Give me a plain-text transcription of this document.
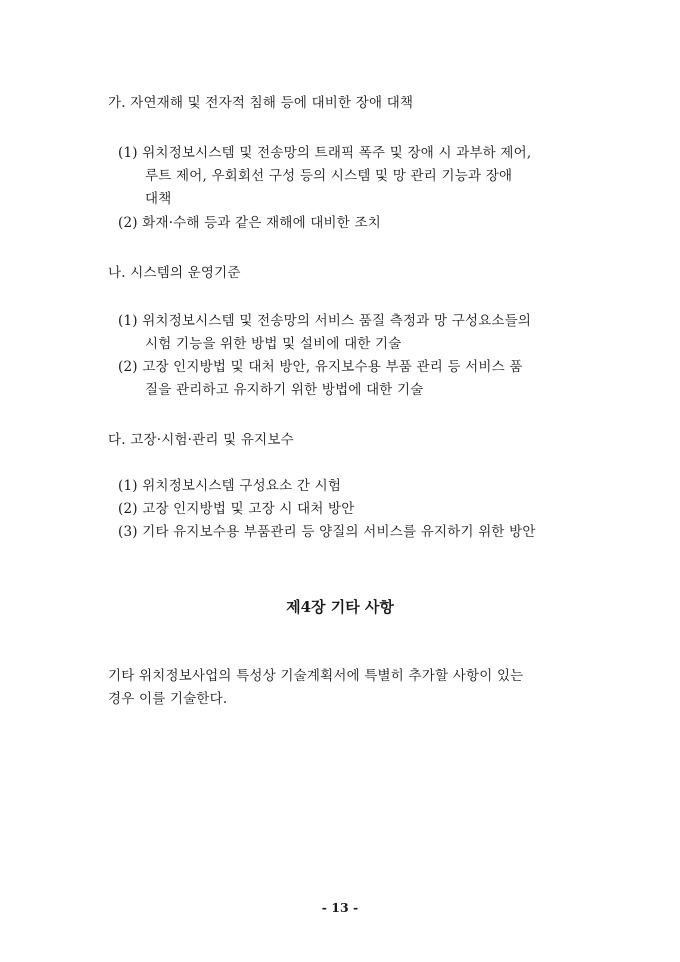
가. 자연재해 및 전자적 침해 등에 대비한 장애 대책
(1) 위치정보시스템 및 전송망의 트래픽 폭주 및 장애 시 과부하 제어,
루트 제어, 우회회선 구성 등의 시스템 및 망 관리 기능과 장애
대책
(2) 화재·수해 등과 같은 재해에 대비한 조치
나. 시스템의 운영기준
(1) 위치정보시스템 및 전송망의 서비스 품질 측정과 망 구성요소들의
시험 기능을 위한 방법 및 설비에 대한 기술
(2) 고장 인지방법 및 대처 방안, 유지보수용 부품 관리 등 서비스 품
질을 관리하고 유지하기 위한 방법에 대한 기술
다. 고장·시험·관리 및 유지보수
(1) 위치정보시스템 구성요소 간 시험
(2) 고장 인지방법 및 고장 시 대처 방안
(3) 기타 유지보수용 부품관리 등 양질의 서비스를 유지하기 위한 방안
제4장 기타 사항
기타 위치정보사업의 특성상 기술계획서에 특별히 추가할 사항이 있는
경우 이를 기술한다.
- 13 -
